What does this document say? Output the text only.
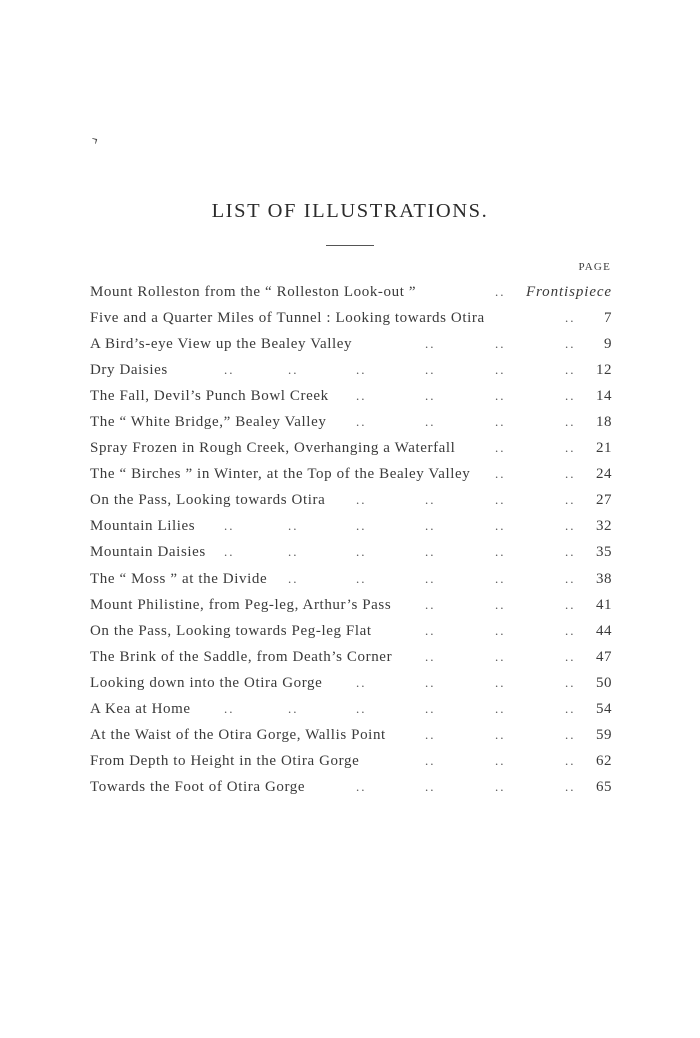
›
LIST OF ILLUSTRATIONS.
PAGE
Mount Rolleston from the “ Rolleston Look-out ”	Frontispiece
..
Five and a Quarter Miles of Tunnel : Looking towards Otira	7
..
A Bird’s-eye View up the Bealey Valley	9
..	..	..
Dry Daisies	12
..	..	..	..	..	..
The Fall, Devil’s Punch Bowl Creek	14
..	..	..	..
The “ White Bridge,” Bealey Valley	18
..	..	..	..
Spray Frozen in Rough Creek, Overhanging a Waterfall	21
..	..
The “ Birches ” in Winter, at the Top of the Bealey Valley	24
..	..
On the Pass, Looking towards Otira	27
..	..	..	..
Mountain Lilies	32
..	..	..	..	..	..
Mountain Daisies	35
..	..	..	..	..	..
The “ Moss ” at the Divide	38
..	..	..	..	..
Mount Philistine, from Peg-leg, Arthur’s Pass	41
..	..	..
On the Pass, Looking towards Peg-leg Flat	44
..	..	..
The Brink of the Saddle, from Death’s Corner	47
..	..	..
Looking down into the Otira Gorge	50
..	..	..	..
A Kea at Home	54
..	..	..	..	..	..
At the Waist of the Otira Gorge, Wallis Point	59
..	..	..
From Depth to Height in the Otira Gorge	62
..	..	..
Towards the Foot of Otira Gorge	65
..	..	..	..
